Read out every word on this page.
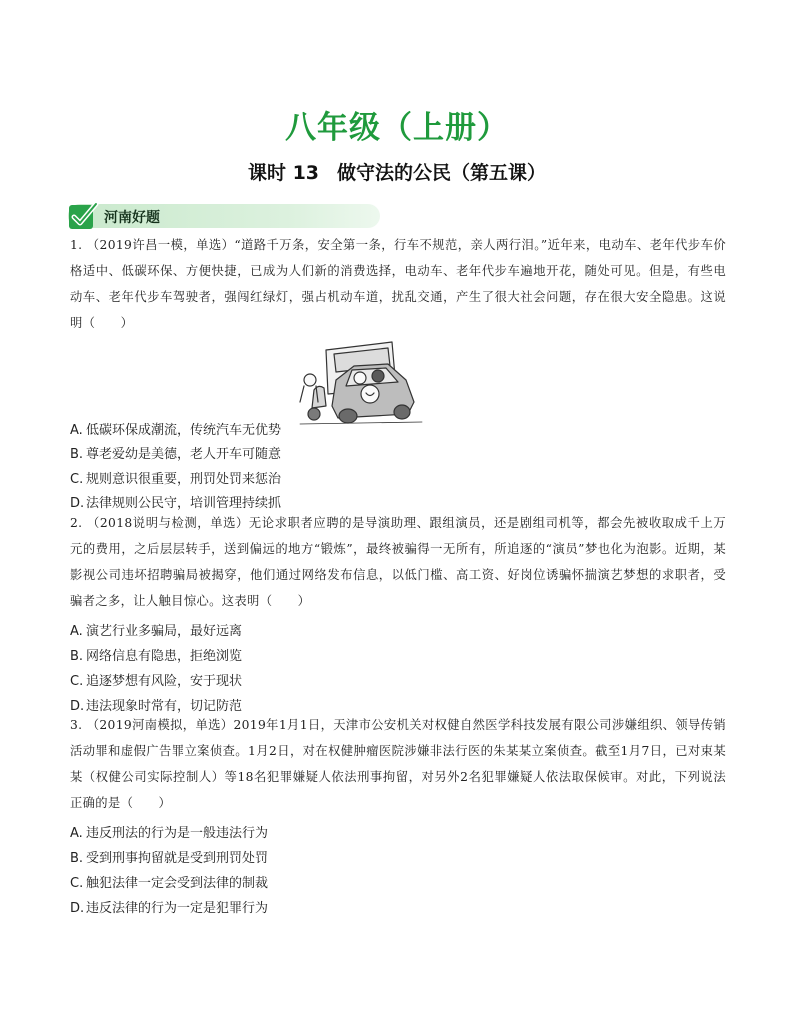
八年级（上册）
课时 13 做守法的公民（第五课）
河南好题
1. （2019许昌一模，单选）“道路千万条，安全第一条，行车不规范，亲人两行泪。”近年来，电动车、老年代步车价格适中、低碳环保、方便快捷，已成为人们新的消费选择，电动车、老年代步车遍地开花，随处可见。但是，有些电动车、老年代步车驾驶者，强闯红绿灯，强占机动车道，扰乱交通，产生了很大社会问题，存在很大安全隐患。这说明（　　）
A. 低碳环保成潮流，传统汽车无优势
B. 尊老爱幼是美德，老人开车可随意
C. 规则意识很重要，刑罚处罚来惩治
D. 法律规则公民守，培训管理持续抓
2. （2018说明与检测，单选）无论求职者应聘的是导演助理、跟组演员，还是剧组司机等，都会先被收取成千上万元的费用，之后层层转手，送到偏远的地方“锻炼”，最终被骗得一无所有，所追逐的“演员”梦也化为泡影。近期，某影视公司违坏招聘骗局被揭穿，他们通过网络发布信息，以低门槛、高工资、好岗位诱骗怀揣演艺梦想的求职者，受骗者之多，让人触目惊心。这表明（　　）
A. 演艺行业多骗局，最好远离
B. 网络信息有隐患，拒绝浏览
C. 追逐梦想有风险，安于现状
D. 违法现象时常有，切记防范
3. （2019河南模拟，单选）2019年1月1日，天津市公安机关对权健自然医学科技发展有限公司涉嫌组织、领导传销活动罪和虚假广告罪立案侦查。1月2日，对在权健肿瘤医院涉嫌非法行医的朱某某立案侦查。截至1月7日，已对束某某（权健公司实际控制人）等18名犯罪嫌疑人依法刑事拘留，对另外2名犯罪嫌疑人依法取保候审。对此，下列说法正确的是（　　）
A. 违反刑法的行为是一般违法行为
B. 受到刑事拘留就是受到刑罚处罚
C. 触犯法律一定会受到法律的制裁
D. 违反法律的行为一定是犯罪行为
